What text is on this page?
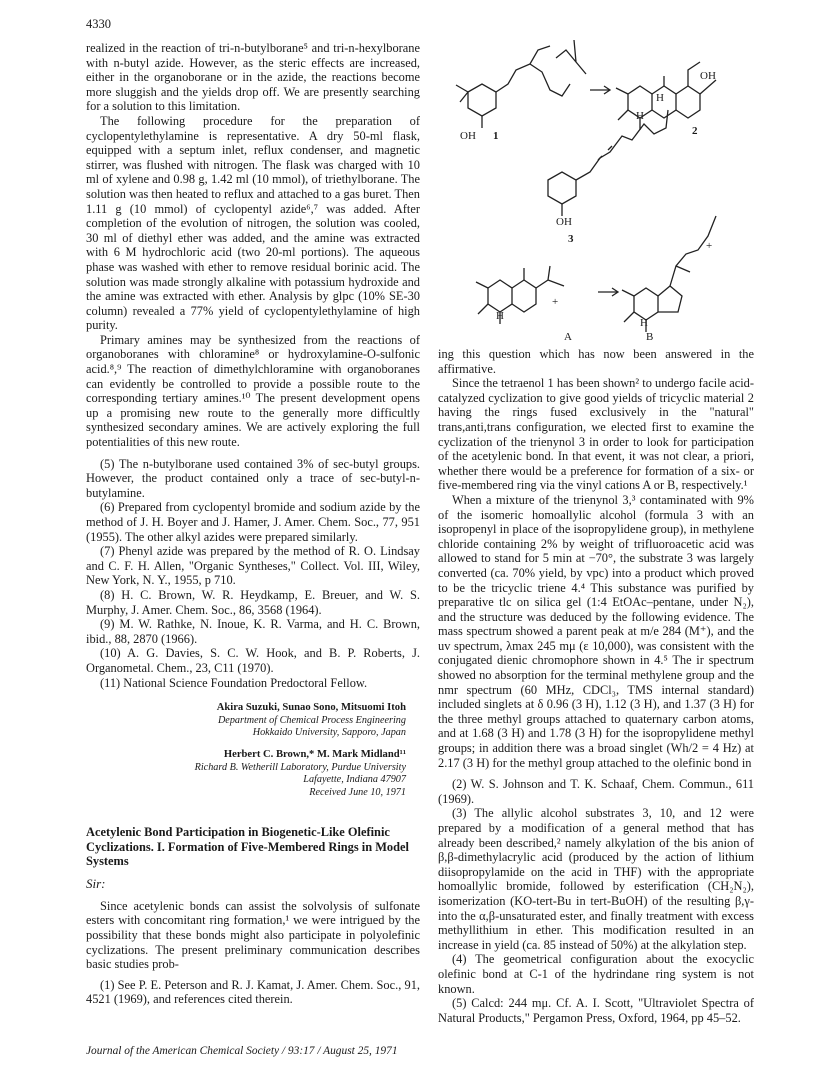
4330

realized in the reaction of tri-n-butylborane⁵ and tri-n-hexylborane with n-butyl azide. However, as the steric effects are increased, either in the organoborane or in the azide, the reactions become more sluggish and the yields drop off. We are presently searching for a solution to this limitation.

The following procedure for the preparation of cyclopentylethylamine is representative. A dry 50-ml flask, equipped with a septum inlet, reflux condenser, and magnetic stirrer, was flushed with nitrogen. The flask was charged with 10 ml of xylene and 0.98 g, 1.42 ml (10 mmol), of triethylborane. The solution was then heated to reflux and attached to a gas buret. Then 1.11 g (10 mmol) of cyclopentyl azide⁶,⁷ was added. After completion of the evolution of nitrogen, the solution was cooled, 30 ml of diethyl ether was added, and the amine was extracted with 6 M hydrochloric acid (two 20-ml portions). The aqueous phase was washed with ether to remove residual borinic acid. The solution was made strongly alkaline with potassium hydroxide and the amine was extracted with ether. Analysis by glpc (10% SE-30 column) revealed a 77% yield of cyclopentylethylamine of high purity.

Primary amines may be synthesized from the reactions of organoboranes with chloramine⁸ or hydroxylamine-O-sulfonic acid.⁸,⁹ The reaction of dimethylchloramine with organoboranes can evidently be controlled to provide a possible route to the corresponding tertiary amines.¹⁰ The present development opens up a promising new route to the generally more difficultly synthesized secondary amines. We are actively exploring the full potentialities of this new route.

(5) The n-butylborane used contained 3% of sec-butyl groups. However, the product contained only a trace of sec-butyl-n-butylamine.

(6) Prepared from cyclopentyl bromide and sodium azide by the method of J. H. Boyer and J. Hamer, J. Amer. Chem. Soc., 77, 951 (1955). The other alkyl azides were prepared similarly.

(7) Phenyl azide was prepared by the method of R. O. Lindsay and C. F. H. Allen, "Organic Syntheses," Collect. Vol. III, Wiley, New York, N. Y., 1955, p 710.

(8) H. C. Brown, W. R. Heydkamp, E. Breuer, and W. S. Murphy, J. Amer. Chem. Soc., 86, 3568 (1964).

(9) M. W. Rathke, N. Inoue, K. R. Varma, and H. C. Brown, ibid., 88, 2870 (1966).

(10) A. G. Davies, S. C. W. Hook, and B. P. Roberts, J. Organometal. Chem., 23, C11 (1970).

(11) National Science Foundation Predoctoral Fellow.

Akira Suzuki, Sunao Sono, Mitsuomi Itoh
Department of Chemical Process Engineering
Hokkaido University, Sapporo, Japan
Herbert C. Brown,* M. Mark Midland¹¹
Richard B. Wetherill Laboratory, Purdue University
Lafayette, Indiana 47907
Received June 10, 1971
Acetylenic Bond Participation in Biogenetic-Like Olefinic Cyclizations. I. Formation of Five-Membered Rings in Model Systems
Sir:

Since acetylenic bonds can assist the solvolysis of sulfonate esters with concomitant ring formation,¹ we were intrigued by the possibility that these bonds might also participate in polyolefinic cyclizations. The present preliminary communication describes basic studies prob-

(1) See P. E. Peterson and R. J. Kamat, J. Amer. Chem. Soc., 91, 4521 (1969), and references cited therein.

OH 1
OH
H
H
2
OH
3
H
+
A
H
+
B

ing this question which has now been answered in the affirmative.

Since the tetraenol 1 has been shown² to undergo facile acid-catalyzed cyclization to give good yields of tricyclic material 2 having the rings fused exclusively in the "natural" trans,anti,trans configuration, we elected first to examine the cyclization of the trienynol 3 in order to look for participation of the acetylenic bond. In that event, it was not clear, a priori, whether there would be a preference for formation of a six- or five-membered ring via the vinyl cations A or B, respectively.¹

When a mixture of the trienynol 3,³ contaminated with 9% of the isomeric homoallylic alcohol (formula 3 with an isopropenyl in place of the isopropylidene group), in methylene chloride containing 2% by weight of trifluoroacetic acid was allowed to stand for 5 min at −70°, the substrate 3 was largely converted (ca. 70% yield, by vpc) into a product which proved to be the tricyclic triene 4.⁴ This substance was purified by preparative tlc on silica gel (1:4 EtOAc–pentane, under N₂), and the structure was deduced by the following evidence. The mass spectrum showed a parent peak at m/e 284 (M⁺), and the uv spectrum, λmax 245 mμ (ε 10,000), was consistent with the conjugated dienic chromophore shown in 4.⁵ The ir spectrum showed no absorption for the terminal methylene group and the nmr spectrum (60 MHz, CDCl₃, TMS internal standard) included singlets at δ 0.96 (3 H), 1.12 (3 H), and 1.37 (3 H) for the three methyl groups attached to quaternary carbon atoms, and at 1.68 (3 H) and 1.78 (3 H) for the isopropylidene methyl groups; in addition there was a broad singlet (Wh/2 = 4 Hz) at 2.17 (3 H) for the methyl group attached to the olefinic bond in

(2) W. S. Johnson and T. K. Schaaf, Chem. Commun., 611 (1969).

(3) The allylic alcohol substrates 3, 10, and 12 were prepared by a modification of a general method that has already been described,² namely alkylation of the bis anion of β,β-dimethylacrylic acid (produced by the action of lithium diisopropylamide on the acid in THF) with the appropriate homoallylic bromide, followed by esterification (CH₂N₂), isomerization (KO-tert-Bu in tert-BuOH) of the resulting β,γ- into the α,β-unsaturated ester, and finally treatment with excess methyllithium in ether. This modification resulted in an increase in yield (ca. 85 instead of 50%) at the alkylation step.

(4) The geometrical configuration about the exocyclic olefinic bond at C-1 of the hydrindane ring system is not known.

(5) Calcd: 244 mμ. Cf. A. I. Scott, "Ultraviolet Spectra of Natural Products," Pergamon Press, Oxford, 1964, pp 45–52.

Journal of the American Chemical Society / 93:17 / August 25, 1971
